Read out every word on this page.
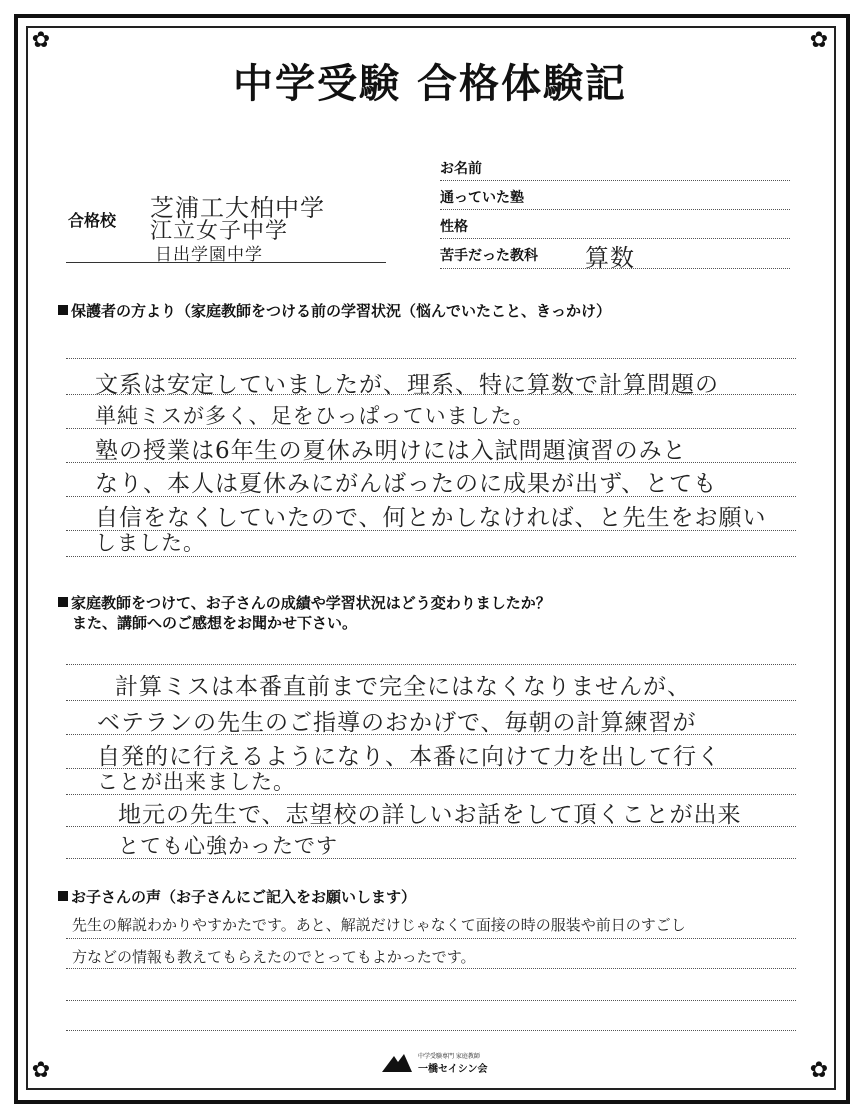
✿	✿
✿	✿
中学受験 合格体験記
合格校 芝浦工大柏中学
江立女子中学
日出学園中学
お名前
通っていた塾
性格
苦手だった教科 算数
保護者の方より（家庭教師をつける前の学習状況（悩んでいたこと、きっかけ）
文系は安定していましたが、理系、特に算数で計算問題の
単純ミスが多く、足をひっぱっていました。
塾の授業は6年生の夏休み明けには入試問題演習のみと
なり、本人は夏休みにがんばったのに成果が出ず、とても
自信をなくしていたので、何とかしなければ、と先生をお願い
しました。
家庭教師をつけて、お子さんの成績や学習状況はどう変わりましたか？
また、講師へのご感想をお聞かせ下さい。
計算ミスは本番直前まで完全にはなくなりませんが、
ベテランの先生のご指導のおかげで、毎朝の計算練習が
自発的に行えるようになり、本番に向けて力を出して行く
ことが出来ました。
地元の先生で、志望校の詳しいお話をして頂くことが出来
とても心強かったです
お子さんの声（お子さんにご記入をお願いします）
先生の解説わかりやすかたです。あと、解説だけじゃなくて面接の時の服装や前日のすごし
方などの情報も教えてもらえたのでとってもよかったです。
中学受験専門 家庭教師
一橋セイシン会
